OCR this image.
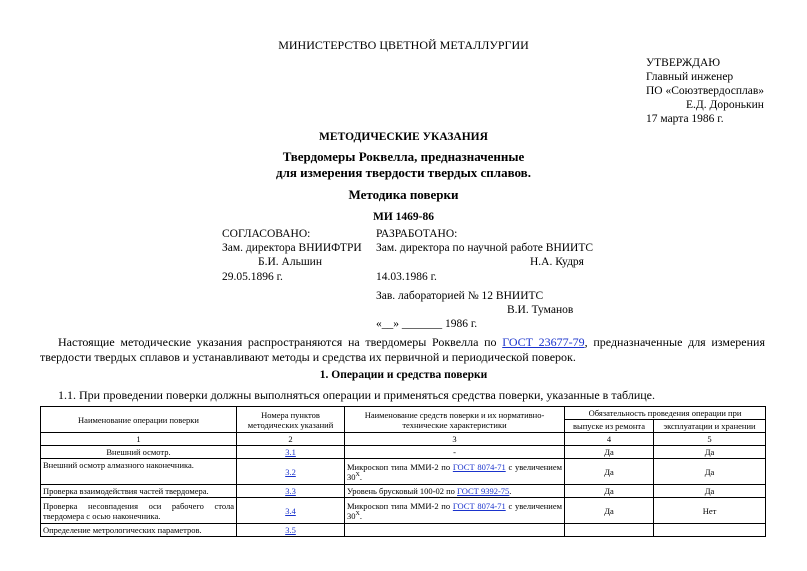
МИНИСТЕРСТВО ЦВЕТНОЙ МЕТАЛЛУРГИИ
УТВЕРЖДАЮ
Главный инженер
ПО «Союзтвердосплав»
Е.Д. Доронькин
17 марта 1986 г.
МЕТОДИЧЕСКИЕ УКАЗАНИЯ
Твердомеры Роквелла, предназначенные
для измерения твердости твердых сплавов.
Методика поверки
МИ 1469-86
СОГЛАСОВАНО:
Зам. директора ВНИИФТРИ
Б.И. Альшин
29.05.1896 г.
РАЗРАБОТАНО:
Зам. директора по научной работе ВНИИТС
Н.А. Кудря
14.03.1986 г.
Зав. лабораторией № 12 ВНИИТС
В.И. Туманов
«__» _______ 1986 г.
Настоящие методические указания распространяются на твердомеры Роквелла по ГОСТ 23677-79, предназначенные для измерения твердости твердых сплавов и устанавливают методы и средства их первичной и периодической поверок.
1. Операции и средства поверки
1.1. При проведении поверки должны выполняться операции и применяться средства поверки, указанные в таблице.
Наименование операции поверки	Номера пунктов методических указаний	Наименование средств поверки и их нормативно-технические характеристики	Обязательность проведения операции при	
			выпуске из ремонта	эксплуатации и хранении
1	2	3	4	5
Внешний осмотр.	3.1	-	Да	Да
Внешний осмотр алмазного наконечника.	3.2	Микроскоп типа ММИ-2 по ГОСТ 8074-71 с увеличением $30^Х$.	Да	Да
Проверка взаимодействия частей твердомера.	3.3	Уровень брусковый 100-02 по ГОСТ 9392-75.	Да	Да
Проверка несовпадения оси рабочего стола твердомера с осью наконечника.	3.4	Микроскоп типа ММИ-2 по ГОСТ 8074-71 с увеличением $30^Х$.	Да	Нет
Определение метрологических параметров.	3.5			
